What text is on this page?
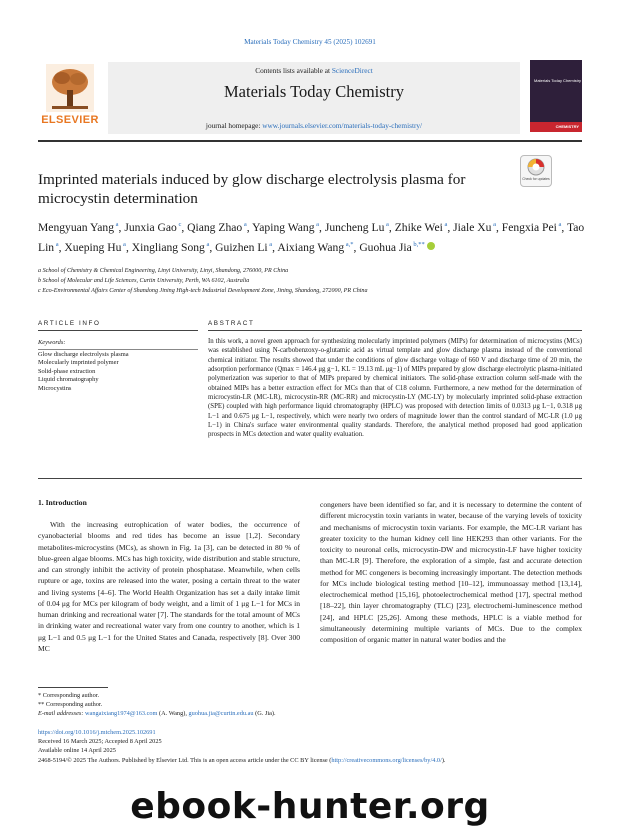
Materials Today Chemistry 45 (2025) 102691
ELSEVIER
Contents lists available at ScienceDirect
Materials Today Chemistry
journal homepage: www.journals.elsevier.com/materials-today-chemistry/
Materials Today Chemistry
CHEMISTRY
Imprinted materials induced by glow discharge electrolysis plasma for microcystin determination
Check for updates
Mengyuan Yang $^a$, Junxia Gao $^c$, Qiang Zhao $^a$, Yaping Wang $^a$, Juncheng Lu $^a$, Zhike Wei $^a$, Jiale Xu $^a$, Fengxia Pei $^a$, Tao Lin $^a$, Xueping Hu $^a$, Xingliang Song $^a$, Guizhen Li $^a$, Aixiang Wang $^{a,*}$, Guohua Jia $^{b,**}$
a School of Chemistry & Chemical Engineering, Linyi University, Linyi, Shandong, 276000, PR China
b School of Molecular and Life Sciences, Curtin University, Perth, WA 6102, Australia
c Eco-Environmental Affairs Center of Shandong Jining High-tech Industrial Development Zone, Jining, Shandong, 272000, PR China
ARTICLE INFO	ABSTRACT
Keywords:
Glow discharge electrolysis plasma
Molecularly imprinted polymer
Solid-phase extraction
Liquid chromatography
Microcystins
In this work, a novel green approach for synthesizing molecularly imprinted polymers (MIPs) for determination of microcystins (MCs) was established using N-carbobenzoxy-o-glutamic acid as virtual template and glow discharge plasma instead of the conventional chemical initiator. The results showed that under the conditions of glow discharge voltage of 660 V and discharge time of 20 min, the adsorption performance (Qmax = 146.4 μg g−1, KL = 19.13 mL μg−1) of MIPs prepared by glow discharge electrolytic plasma-initiated polymerization was superior to that of MIPs prepared by chemical initiators. The solid-phase extraction column self-made with the obtained MIPs has a better extraction effect for MCs than that of C18 column. Furthermore, a new method for the determination of microcystin-LR (MC-LR), microcystin-RR (MC-RR) and microcystin-LY (MC-LY) by molecularly imprinted solid-phase extraction (SPE) coupled with high performance liquid chromatography (HPLC) was proposed with detection limits of 0.0313 μg L−1, 0.318 μg L−1 and 0.675 μg L−1, respectively, which were nearly two orders of magnitude lower than the control standard of MC-LR (1.0 μg L−1) in China's surface water environmental quality standards. Therefore, the analytical method proposed had good application prospects in MCs detection and water quality evaluation.
1. Introduction
With the increasing eutrophication of water bodies, the occurrence of cyanobacterial blooms and red tides has become an issue [1,2]. Secondary metabolites-microcystins (MCs), as shown in Fig. 1a [3], can be detected in 80 % of blue-green algae blooms. MCs has high toxicity, wide distribution and stable structure, and can strongly inhibit the activity of protein phosphatase. Meanwhile, when cells rupture or age, toxins are released into the water, posing a certain threat to the water and living systems [4–6]. The World Health Organization has set a daily intake limit of 0.04 μg for MCs per kilogram of body weight, and a limit of 1 μg L−1 for MCs in human drinking and recreational water [7]. The standards for the total amount of MCs in drinking water and recreational water vary from one country to another, which is 1 μg L−1 and 0.5 μg L−1 for the United States and Canada, respectively [8]. Over 300 MC
congeners have been identified so far, and it is necessary to determine the content of different microcystin toxin variants in water, because of the varying levels of toxicity and mechanisms of microcystin toxin variants. For example, the MC-LR variant has greater toxicity to the human kidney cell line HEK293 than other variants. For the toxicity to neuronal cells, microcystin-DW and microcystin-LF have higher toxicity than MC-LR [9]. Therefore, the exploration of a simple, fast and accurate detection method for MC congeners is becoming increasingly important. The detection methods for MCs include biological testing method [10–12], immunoassay method [13,14], electrochemical method [15,16], photoelectrochemical method [17], spectral method [18–22], thin layer chromatography (TLC) [23], electrochemi-luminescence method [24], and HPLC [25,26]. Among these methods, HPLC is a viable method for simultaneously determining multiple variants of MCs. Due to the complex composition of organic matter in natural water bodies and the
* Corresponding author.
** Corresponding author.
E-mail addresses: wangaixiang1974@163.com (A. Wang), guohua.jia@curtin.edu.au (G. Jia).
https://doi.org/10.1016/j.mtchem.2025.102691
Received 16 March 2025; Accepted 8 April 2025
Available online 14 April 2025
2468-5194/© 2025 The Authors. Published by Elsevier Ltd. This is an open access article under the CC BY license (http://creativecommons.org/licenses/by/4.0/).
ebook-hunter.org
